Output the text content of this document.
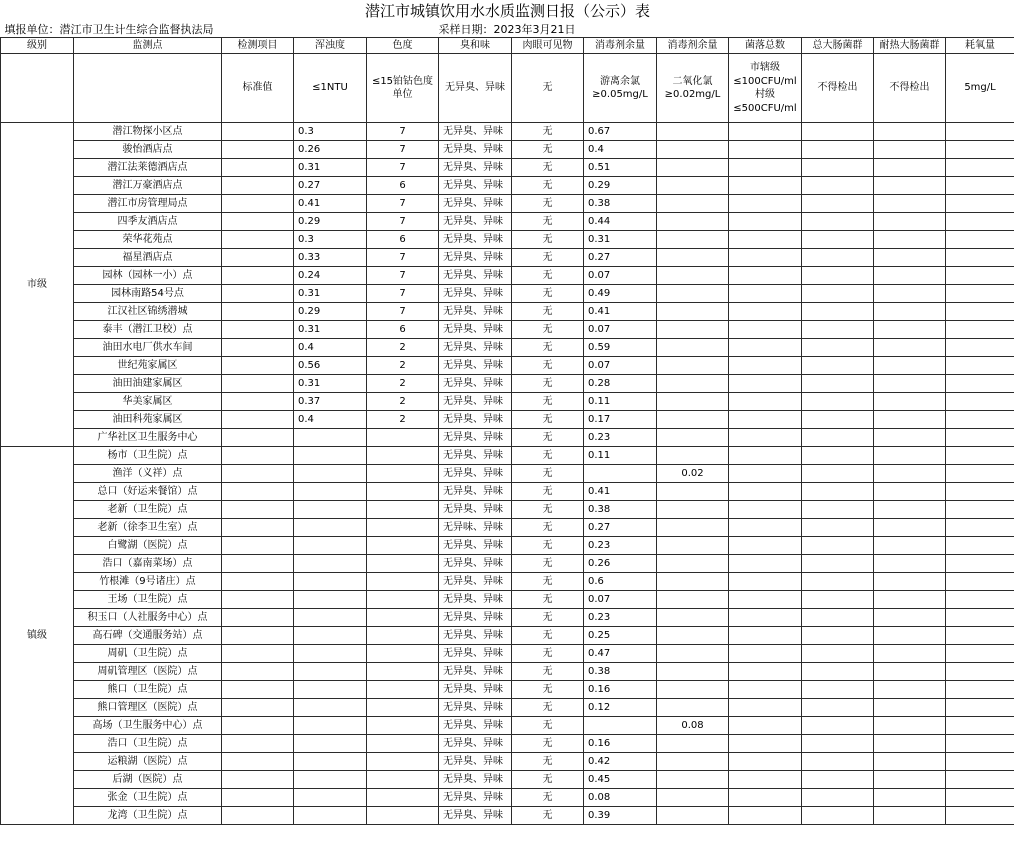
潜江市城镇饮用水水质监测日报（公示）表												
填报单位：潜江市卫生计生综合监督执法局					采样日期：2023年3月21日							
级别	监测点	检测项目	浑浊度	色度	臭和味	肉眼可见物	消毒剂余量	消毒剂余量	菌落总数	总大肠菌群	耐热大肠菌群	耗氧量
		标准值	≤1NTU	≤15铂钴色度单位	无异臭、异味	无	游离余氯≥0.05mg/L	二氧化氯≥0.02mg/L	市辖级≤100CFU/ml 村级≤500CFU/ml	不得检出	不得检出	5mg/L
市级	潜江物探小区点		0.3	7	无异臭、异味	无	0.67					
	骏怡酒店点		0.26	7	无异臭、异味	无	0.4					
	潜江法莱德酒店点		0.31	7	无异臭、异味	无	0.51					
	潜江万豪酒店点		0.27	6	无异臭、异味	无	0.29					
	潜江市房管理局点		0.41	7	无异臭、异味	无	0.38					
	四季友酒店点		0.29	7	无异臭、异味	无	0.44					
	荣华花苑点		0.3	6	无异臭、异味	无	0.31					
	福星酒店点		0.33	7	无异臭、异味	无	0.27					
	园林（园林一小）点		0.24	7	无异臭、异味	无	0.07					
	园林南路54号点		0.31	7	无异臭、异味	无	0.49					
	江汉社区锦绣潜城		0.29	7	无异臭、异味	无	0.41					
	泰丰（潜江卫校）点		0.31	6	无异臭、异味	无	0.07					
	油田水电厂供水车间		0.4	2	无异臭、异味	无	0.59					
	世纪苑家属区		0.56	2	无异臭、异味	无	0.07					
	油田油建家属区		0.31	2	无异臭、异味	无	0.28					
	华美家属区		0.37	2	无异臭、异味	无	0.11					
	油田科苑家属区		0.4	2	无异臭、异味	无	0.17					
	广华社区卫生服务中心				无异臭、异味	无	0.23					
镇级	杨市（卫生院）点				无异臭、异味	无	0.11					
	渔洋（义祥）点				无异臭、异味	无		0.02				
	总口（好运来餐馆）点				无异臭、异味	无	0.41					
	老新（卫生院）点				无异臭、异味	无	0.38					
	老新（徐李卫生室）点				无异味、异味	无	0.27					
	白鹭湖（医院）点				无异臭、异味	无	0.23					
	浩口（嘉南菜场）点				无异臭、异味	无	0.26					
	竹根滩（9号诸庄）点				无异臭、异味	无	0.6					
	王场（卫生院）点				无异臭、异味	无	0.07					
	积玉口（人社服务中心）点				无异臭、异味	无	0.23					
	高石碑（交通服务站）点				无异臭、异味	无	0.25					
	周矶（卫生院）点				无异臭、异味	无	0.47					
	周矶管理区（医院）点				无异臭、异味	无	0.38					
	熊口（卫生院）点				无异臭、异味	无	0.16					
	熊口管理区（医院）点				无异臭、异味	无	0.12					
	高场（卫生服务中心）点				无异臭、异味	无		0.08				
	浩口（卫生院）点				无异臭、异味	无	0.16					
	运粮湖（医院）点				无异臭、异味	无	0.42					
	后湖（医院）点				无异臭、异味	无	0.45					
	张金（卫生院）点				无异臭、异味	无	0.08					
	龙湾（卫生院）点				无异臭、异味	无	0.39					
